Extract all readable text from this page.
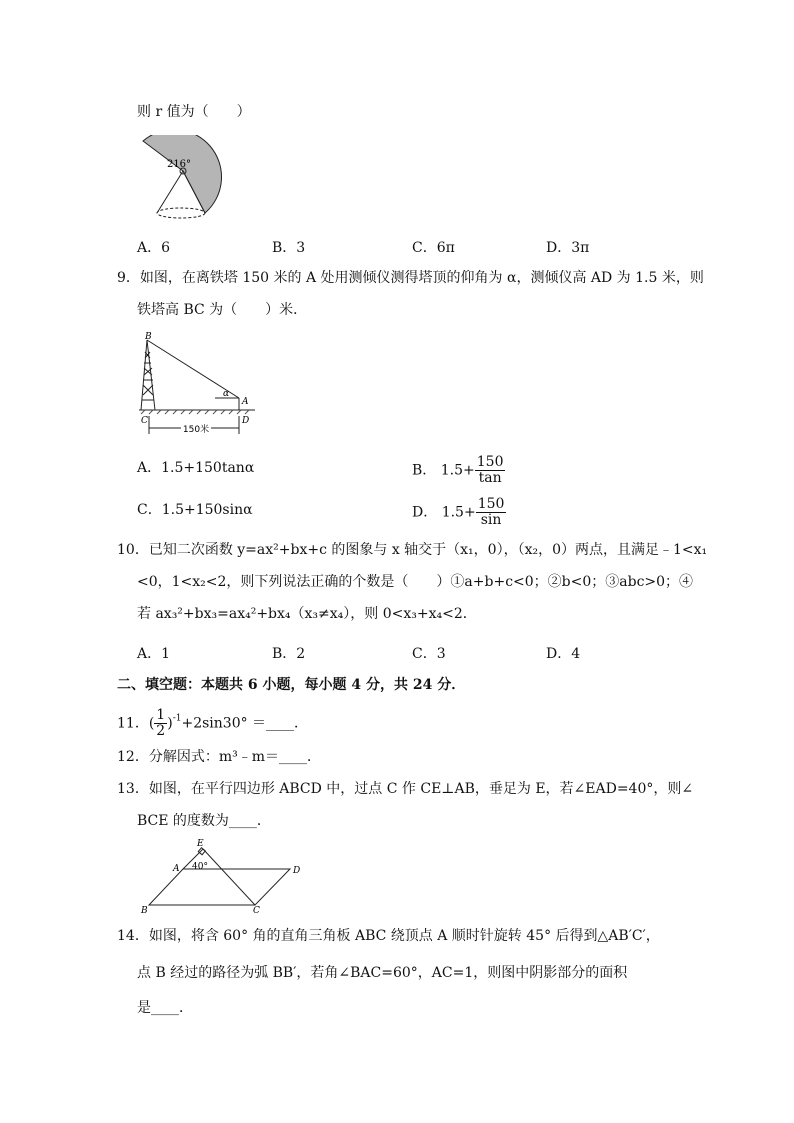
则 r 值为（　　）
216°
A．6	B．3	C．6π	D．3π
9．如图，在离铁塔 150 米的 A 处用测倾仪测得塔顶的仰角为 α，测倾仪高 AD 为 1.5 米，则
铁塔高 BC 为（　　）米．
150米
B
C
A
D
α
A．1.5+150tanα	B． $1.5+ \frac{150}{\tan}$
C．1.5+150sinα	D． $1.5+ \frac{150}{\sin}$
10．已知二次函数 y=ax²+bx+c 的图象与 x 轴交于（x₁，0），（x₂，0）两点，且满足﹣1<x₁
<0，1<x₂<2，则下列说法正确的个数是（　　）①a+b+c<0；②b<0；③abc>0；④
若 ax₃²+bx₃=ax₄²+bx₄（x₃≠x₄），则 0<x₃+x₄<2．
A．1	B．2	C．3	D．4
二、填空题：本题共 6 小题，每小题 4 分，共 24 分．
11．( $\frac{1}{2} )^{-1}+2\sin 30^\circ$ ＝____．
12．分解因式：m³﹣m＝____．
13．如图，在平行四边形 ABCD 中，过点 C 作 CE⊥AB，垂足为 E，若∠EAD=40°，则∠
BCE 的度数为____．
E
A 40°	D
B	C
14．如图，将含 60° 角的直角三角板 ABC 绕顶点 A 顺时针旋转 45° 后得到△AB′C′，
点 B 经过的路径为弧 BB′，若角∠BAC=60°，AC=1，则图中阴影部分的面积
是____．
